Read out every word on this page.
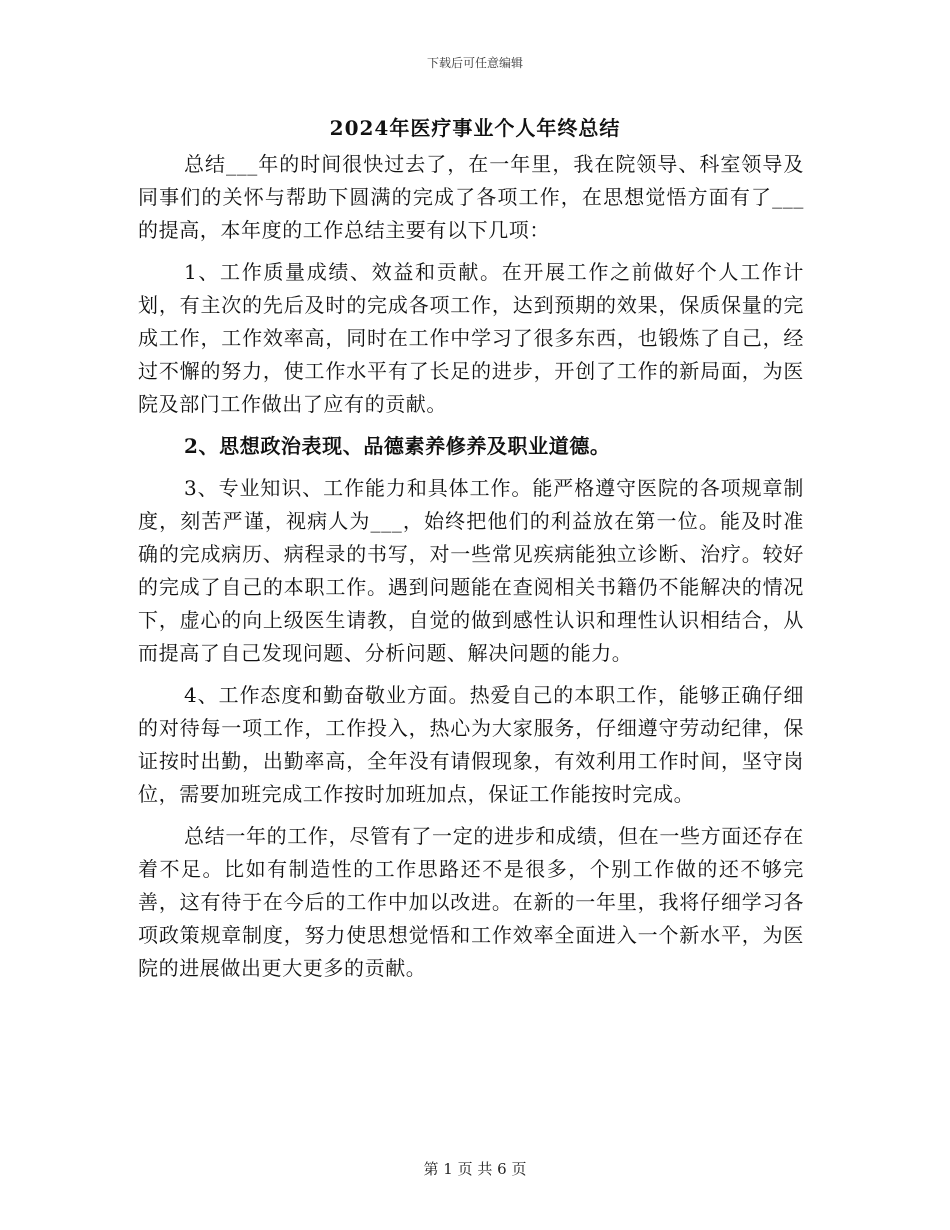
下载后可任意编辑
2024年医疗事业个人年终总结

总结___年的时间很快过去了，在一年里，我在院领导、科室领导及同事们的关怀与帮助下圆满的完成了各项工作，在思想觉悟方面有了___的提高，本年度的工作总结主要有以下几项：

1、工作质量成绩、效益和贡献。在开展工作之前做好个人工作计划，有主次的先后及时的完成各项工作，达到预期的效果，保质保量的完成工作，工作效率高，同时在工作中学习了很多东西，也锻炼了自己，经过不懈的努力，使工作水平有了长足的进步，开创了工作的新局面，为医院及部门工作做出了应有的贡献。

2、思想政治表现、品德素养修养及职业道德。

3、专业知识、工作能力和具体工作。能严格遵守医院的各项规章制度，刻苦严谨，视病人为___，始终把他们的利益放在第一位。能及时准确的完成病历、病程录的书写，对一些常见疾病能独立诊断、治疗。较好的完成了自己的本职工作。遇到问题能在查阅相关书籍仍不能解决的情况下，虚心的向上级医生请教，自觉的做到感性认识和理性认识相结合，从而提高了自己发现问题、分析问题、解决问题的能力。

4、工作态度和勤奋敬业方面。热爱自己的本职工作，能够正确仔细的对待每一项工作，工作投入，热心为大家服务，仔细遵守劳动纪律，保证按时出勤，出勤率高，全年没有请假现象，有效利用工作时间，坚守岗位，需要加班完成工作按时加班加点，保证工作能按时完成。

总结一年的工作，尽管有了一定的进步和成绩，但在一些方面还存在着不足。比如有制造性的工作思路还不是很多，个别工作做的还不够完善，这有待于在今后的工作中加以改进。在新的一年里，我将仔细学习各项政策规章制度，努力使思想觉悟和工作效率全面进入一个新水平，为医院的进展做出更大更多的贡献。

第 1 页 共 6 页
